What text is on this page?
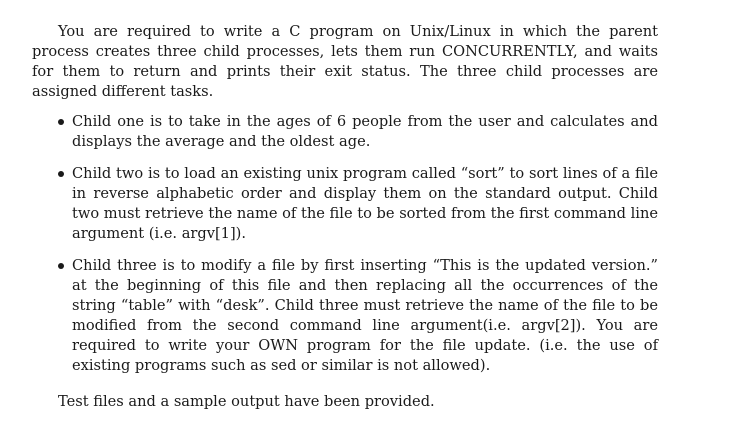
You are required to write a C program on Unix/Linux in which the parent process creates three child processes, lets them run CONCURRENTLY, and waits for them to return and prints their exit status. The three child processes are assigned different tasks.

Child one is to take in the ages of 6 people from the user and calculates and displays the average and the oldest age.
Child two is to load an existing unix program called “sort” to sort lines of a file in reverse alphabetic order and display them on the standard output. Child two must retrieve the name of the file to be sorted from the first command line argument (i.e. argv[1]).
Child three is to modify a file by first inserting “This is the updated version.” at the beginning of this file and then replacing all the occurrences of the string “table” with “desk”. Child three must retrieve the name of the file to be modified from the second command line argument(i.e. argv[2]). You are required to write your OWN program for the file update. (i.e. the use of existing programs such as sed or similar is not allowed).

Test files and a sample output have been provided.
